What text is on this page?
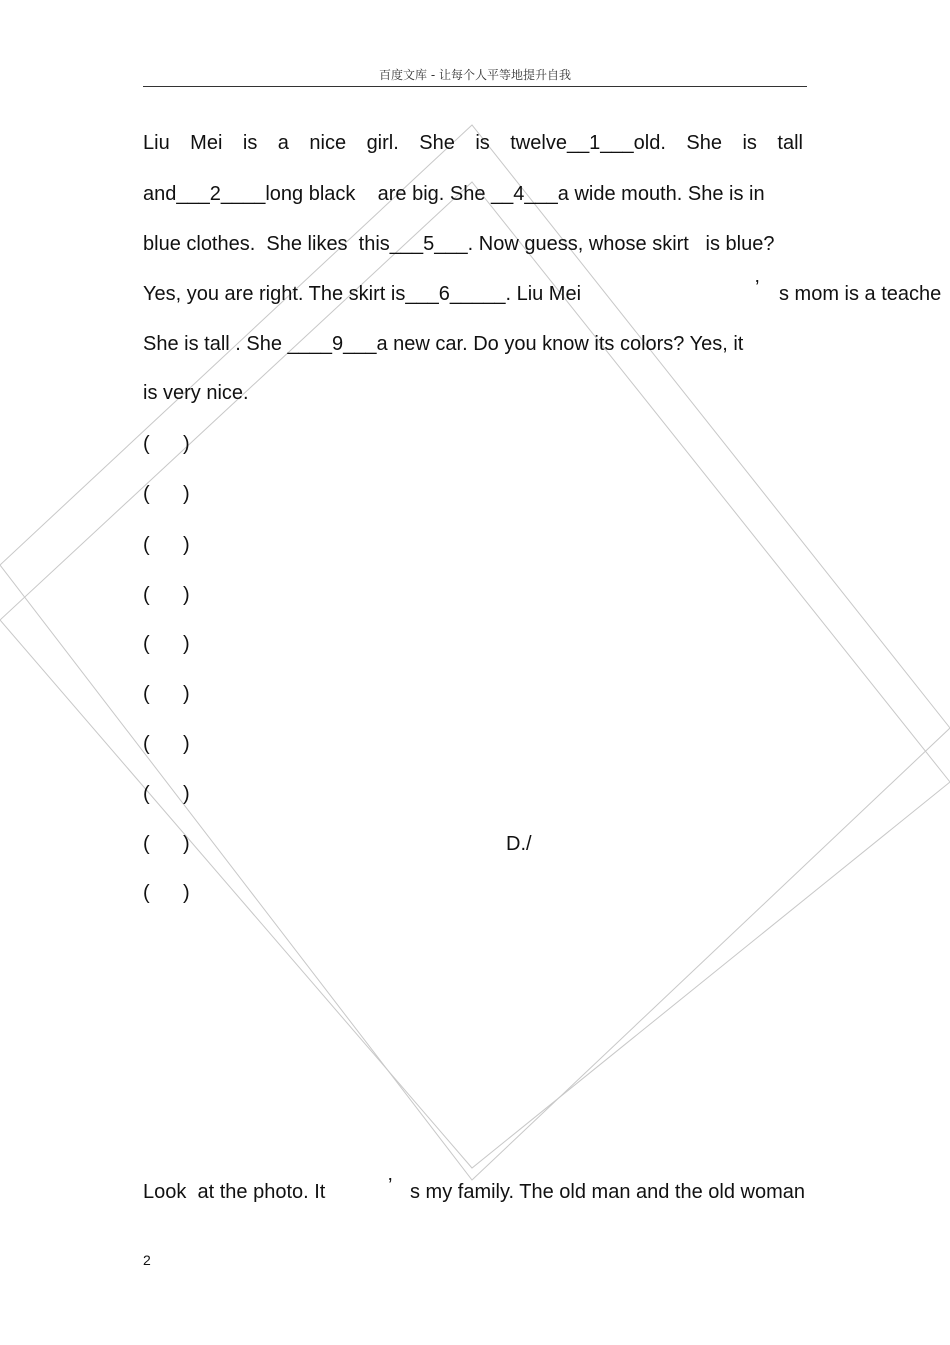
百度文库 - 让每个人平等地提升自我
Liu Mei is a nice girl. She is twelve__1___old. She is tall
and___2____long black    are big. She __4___a wide mouth. She is in
blue clothes.  She likes  this___5___. Now guess, whose skirt   is blue?
Yes, you are right. The skirt is___6_____. Liu Mei	’ s mom is a teache
She is tall . She ____9___a new car. Do you know its colors? Yes, it
is very nice.
(      )
(      )
(      )
(      )
(      )
(      )
(      )
(      )
(      )
(      )
D./
Look  at the photo. It	’ s my family. The old man and the old woman
2
